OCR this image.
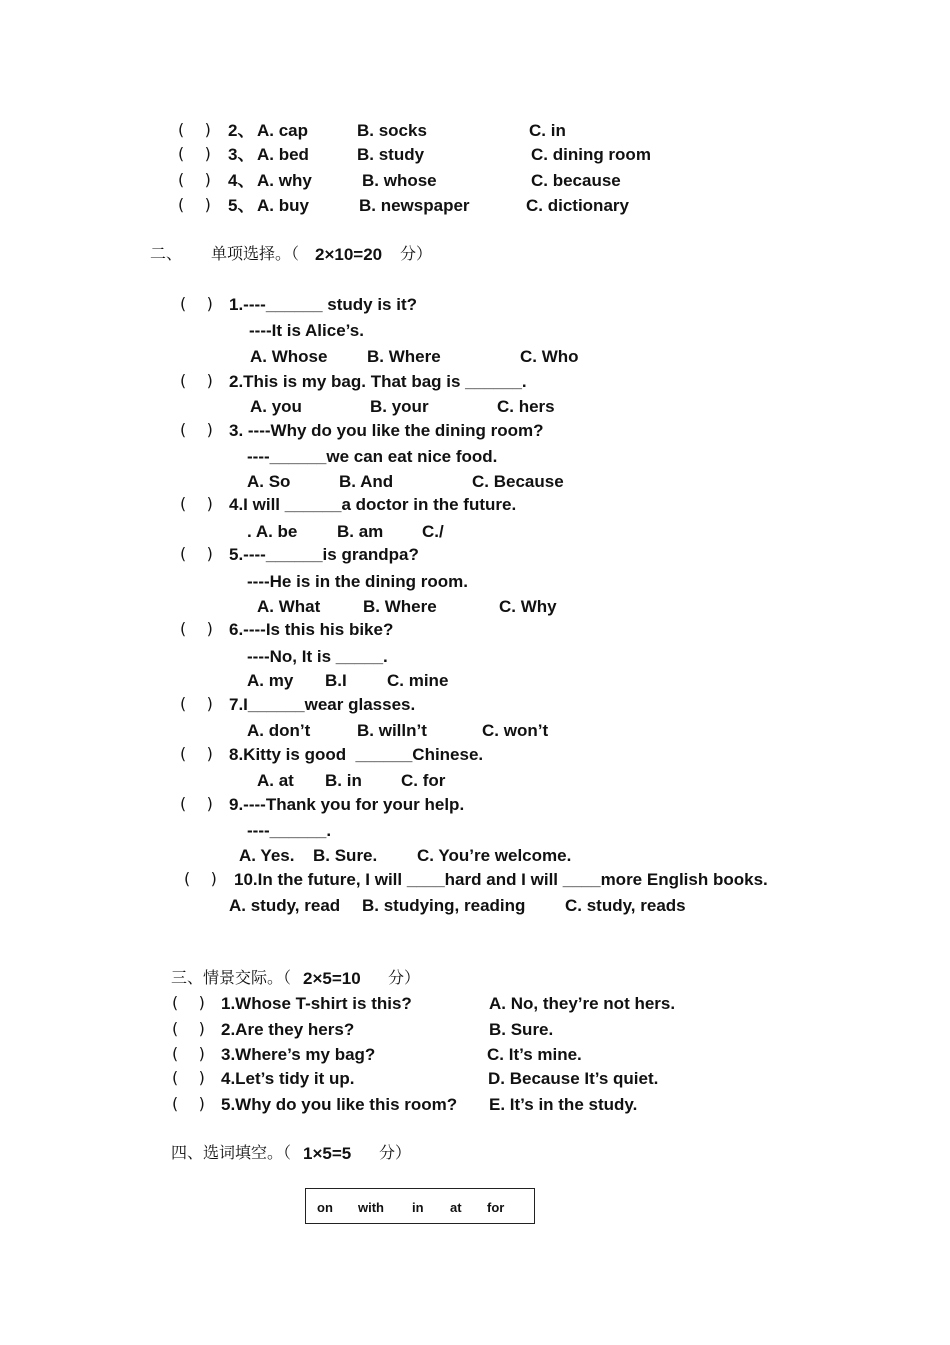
(    ) 2、 A. cap	B. socks	C. in
(    ) 3、 A. bed	B. study	C. dining room
(    ) 4、 A. why	B. whose	C. because
(    ) 5、 A. buy	B. newspaper	C. dictionary
二、 单项选择。（ 2×10=20 分）
(    ) 1.----______ study is it?
----It is Alice’s.
A. Whose B. Where	C. Who
(    ) 2.This is my bag. That bag is ______.
A. you	B. your	C. hers
(    ) 3. ----Why do you like the dining room?
----______we can eat nice food.
A. So	B. And	C. Because
(    ) 4.I will ______a doctor in the future.
. A. be B. am C./
(    ) 5.----______is grandpa?
----He is in the dining room.
A. What	B. Where	C. Why
(    ) 6.----Is this his bike?
----No, It is _____.
A. my B.I C. mine
(    ) 7.I______wear glasses.
A. don’t	B. willn’t	C. won’t
(    ) 8.Kitty is good  ______Chinese.
A. at B. in C. for
(    ) 9.----Thank you for your help.
----______.
A. Yes. B. Sure. C. You’re welcome.
(    ) 10.In the future, I will ____hard and I will ____more English books.
A. study, read B. studying, reading C. study, reads
三、情景交际。（ 2×5=10 分）
(    ) 1.Whose T-shirt is this?	A. No, they’re not hers.
(    ) 2.Are they hers?	B. Sure.
(    ) 3.Where’s my bag?	C. It’s mine.
(    ) 4.Let’s tidy it up.	D. Because It’s quiet.
(    ) 5.Why do you like this room? E. It’s in the study.
四、选词填空。（ 1×5=5 分）
on with in at for
